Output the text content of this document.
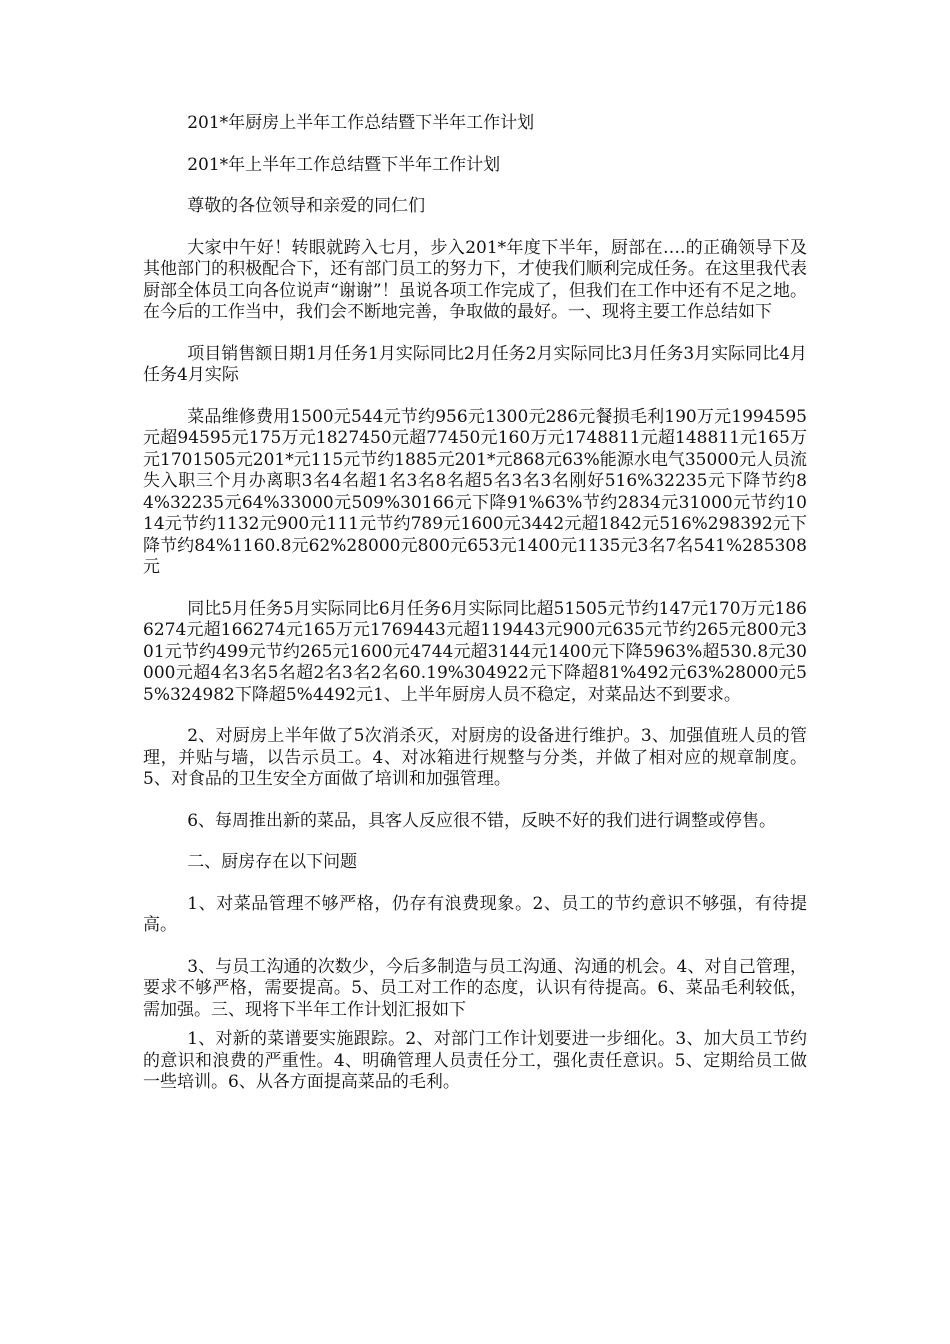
201*年厨房上半年工作总结暨下半年工作计划

201*年上半年工作总结暨下半年工作计划

尊敬的各位领导和亲爱的同仁们

大家中午好！转眼就跨入七月，步入201*年度下半年，厨部在….的正确领导下及其他部门的积极配合下，还有部门员工的努力下，才使我们顺利完成任务。在这里我代表厨部全体员工向各位说声“谢谢”！虽说各项工作完成了，但我们在工作中还有不足之地。在今后的工作当中，我们会不断地完善，争取做的最好。一、现将主要工作总结如下

项目销售额日期1月任务1月实际同比2月任务2月实际同比3月任务3月实际同比4月任务4月实际

菜品维修费用1500元544元节约956元1300元286元餐损毛利190万元1994595元超94595元175万元1827450元超77450元160万元1748811元超148811元165万元1701505元201*元115元节约1885元201*元868元63%能源水电气35000元人员流失入职三个月办离职3名4名超1名3名8名超5名3名3名刚好516%32235元下降节约84%32235元64%33000元509%30166元下降91%63%节约2834元31000元节约1014元节约1132元900元111元节约789元1600元3442元超1842元516%298392元下降节约84%1160.8元62%28000元800元653元1400元1135元3名7名541%285308元

同比5月任务5月实际同比6月任务6月实际同比超51505元节约147元170万元1866274元超166274元165万元1769443元超119443元900元635元节约265元800元301元节约499元节约265元1600元4744元超3144元1400元下降5963%超530.8元30000元超4名3名5名超2名3名2名60.19%304922元下降超81%492元63%28000元55%324982下降超5%4492元1、上半年厨房人员不稳定，对菜品达不到要求。

2、对厨房上半年做了5次消杀灭，对厨房的设备进行维护。3、加强值班人员的管理，并贴与墙，以告示员工。4、对冰箱进行规整与分类，并做了相对应的规章制度。5、对食品的卫生安全方面做了培训和加强管理。

6、每周推出新的菜品，具客人反应很不错，反映不好的我们进行调整或停售。

二、厨房存在以下问题

1、对菜品管理不够严格，仍存有浪费现象。2、员工的节约意识不够强，有待提高。

3、与员工沟通的次数少，今后多制造与员工沟通、沟通的机会。4、对自己管理，要求不够严格，需要提高。5、员工对工作的态度，认识有待提高。6、菜品毛利较低，需加强。三、现将下半年工作计划汇报如下

1、对新的菜谱要实施跟踪。2、对部门工作计划要进一步细化。3、加大员工节约的意识和浪费的严重性。4、明确管理人员责任分工，强化责任意识。5、定期给员工做一些培训。6、从各方面提高菜品的毛利。
